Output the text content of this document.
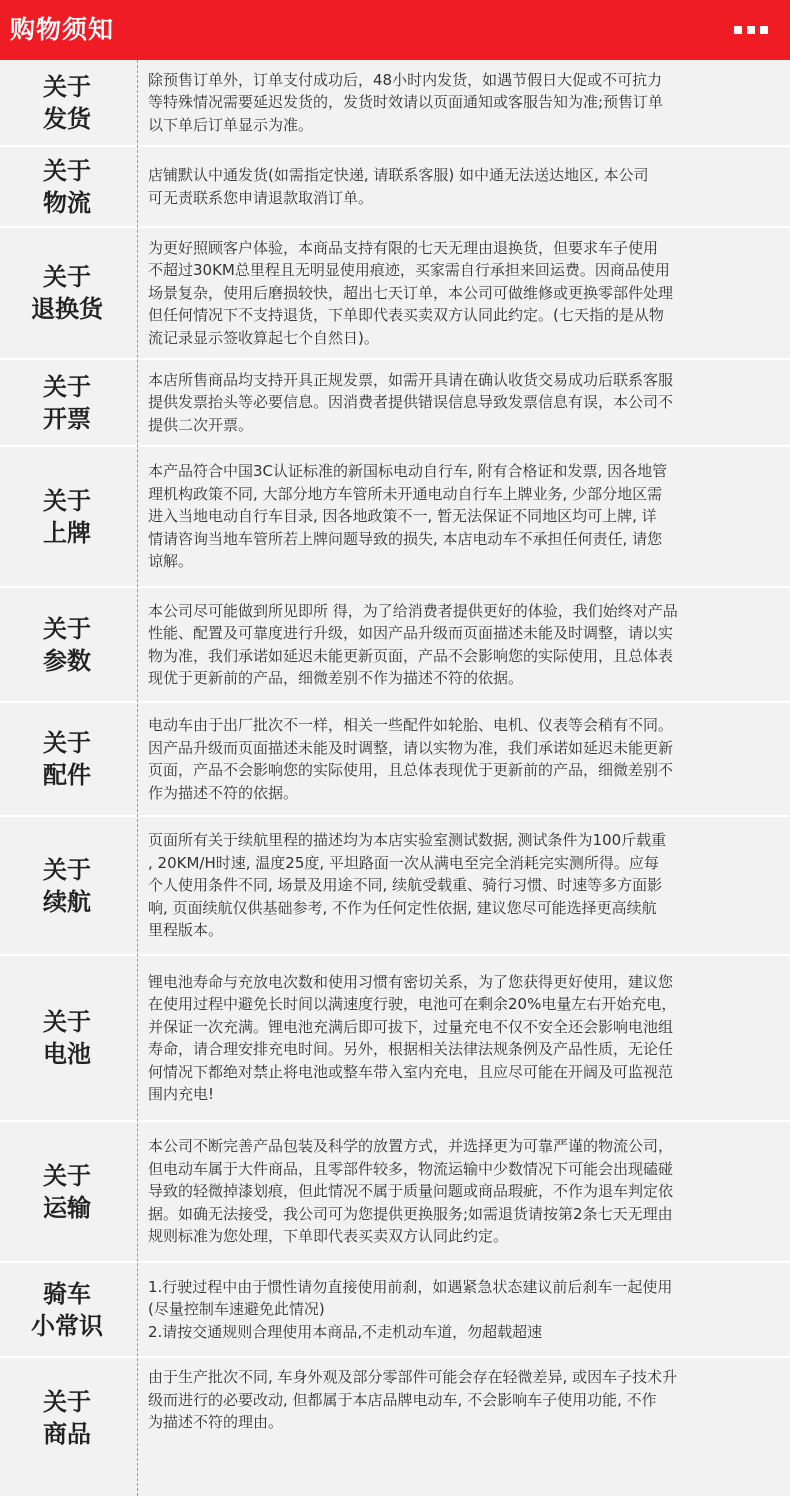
购物须知
关于
发货

除预售订单外，订单支付成功后，48小时内发货，如遇节假日大促或不可抗力
等特殊情况需要延迟发货的，发货时效请以页面通知或客服告知为准;预售订单
以下单后订单显示为准。

关于
物流

店铺默认中通发货(如需指定快递, 请联系客服) 如中通无法送达地区, 本公司
可无责联系您申请退款取消订单。

关于
退换货

为更好照顾客户体验，本商品支持有限的七天无理由退换货，但要求车子使用
不超过30KM总里程且无明显使用痕迹，买家需自行承担来回运费。因商品使用
场景复杂，使用后磨损较快，超出七天订单，本公司可做维修或更换零部件处理
但任何情况下不支持退货，下单即代表买卖双方认同此约定。(七天指的是从物
流记录显示签收算起七个自然日)。

关于
开票

本店所售商品均支持开具正规发票，如需开具请在确认收货交易成功后联系客服
提供发票抬头等必要信息。因消费者提供错误信息导致发票信息有误，本公司不
提供二次开票。

关于
上牌

本产品符合中国3C认证标准的新国标电动自行车, 附有合格证和发票, 因各地管
理机构政策不同, 大部分地方车管所未开通电动自行车上牌业务, 少部分地区需
进入当地电动自行车目录, 因各地政策不一, 暂无法保证不同地区均可上牌, 详
情请咨询当地车管所若上牌问题导致的损失, 本店电动车不承担任何责任, 请您
谅解。

关于
参数

本公司尽可能做到所见即所 得，为了给消费者提供更好的体验，我们始终对产品
性能、配置及可靠度进行升级，如因产品升级而页面描述未能及时调整，请以实
物为准，我们承诺如延迟未能更新页面，产品不会影响您的实际使用，且总体表
现优于更新前的产品，细微差别不作为描述不符的依据。

关于
配件

电动车由于出厂批次不一样，相关一些配件如轮胎、电机、仪表等会稍有不同。
因产品升级而页面描述未能及时调整，请以实物为准，我们承诺如延迟未能更新
页面，产品不会影响您的实际使用，且总体表现优于更新前的产品，细微差别不
作为描述不符的依据。

关于
续航

页面所有关于续航里程的描述均为本店实验室测试数据, 测试条件为100斤载重
, 20KM/H时速, 温度25度, 平坦路面一次从满电至完全消耗完实测所得。应每
个人使用条件不同, 场景及用途不同, 续航受载重、骑行习惯、时速等多方面影
响, 页面续航仅供基础参考, 不作为任何定性依据, 建议您尽可能选择更高续航
里程版本。

关于
电池

锂电池寿命与充放电次数和使用习惯有密切关系，为了您获得更好使用，建议您
在使用过程中避免长时间以满速度行驶，电池可在剩余20%电量左右开始充电，
并保证一次充满。锂电池充满后即可拔下，过量充电不仅不安全还会影响电池组
寿命，请合理安排充电时间。另外，根据相关法律法规条例及产品性质，无论任
何情况下都绝对禁止将电池或整车带入室内充电，且应尽可能在开阔及可监视范
围内充电!

关于
运输

本公司不断完善产品包装及科学的放置方式，并选择更为可靠严谨的物流公司，
但电动车属于大件商品，且零部件较多，物流运输中少数情况下可能会出现磕碰
导致的轻微掉漆划痕，但此情况不属于质量问题或商品瑕疵，不作为退车判定依
据。如确无法接受，我公司可为您提供更换服务;如需退货请按第2条七天无理由
规则标准为您处理，下单即代表买卖双方认同此约定。

骑车
小常识

1.行驶过程中由于惯性请勿直接使用前刹，如遇紧急状态建议前后刹车一起使用
(尽量控制车速避免此情况)
2.请按交通规则合理使用本商品,不走机动车道，勿超载超速

关于
商品

由于生产批次不同, 车身外观及部分零部件可能会存在轻微差异, 或因车子技术升
级而进行的必要改动, 但都属于本店品牌电动车, 不会影响车子使用功能, 不作
为描述不符的理由。
